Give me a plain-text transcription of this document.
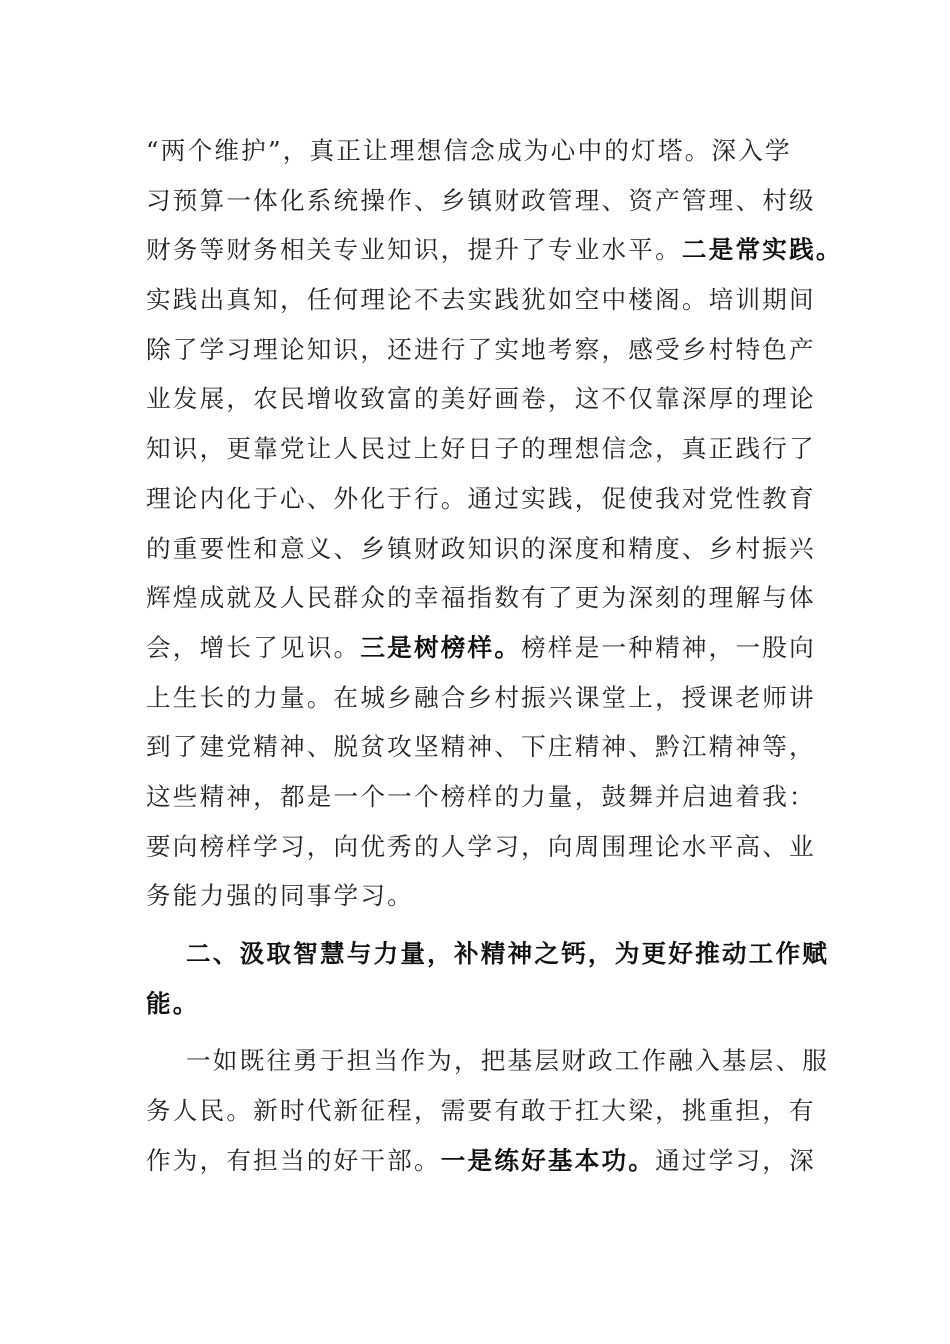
“两个维护”，真正让理想信念成为心中的灯塔。深入学
习预算一体化系统操作、乡镇财政管理、资产管理、村级
财务等财务相关专业知识，提升了专业水平。二是常实践。
实践出真知，任何理论不去实践犹如空中楼阁。培训期间
除了学习理论知识，还进行了实地考察，感受乡村特色产
业发展，农民增收致富的美好画卷，这不仅靠深厚的理论
知识，更靠党让人民过上好日子的理想信念，真正践行了
理论内化于心、外化于行。通过实践，促使我对党性教育
的重要性和意义、乡镇财政知识的深度和精度、乡村振兴
辉煌成就及人民群众的幸福指数有了更为深刻的理解与体
会，增长了见识。三是树榜样。榜样是一种精神，一股向
上生长的力量。在城乡融合乡村振兴课堂上，授课老师讲
到了建党精神、脱贫攻坚精神、下庄精神、黔江精神等，
这些精神，都是一个一个榜样的力量，鼓舞并启迪着我：
要向榜样学习，向优秀的人学习，向周围理论水平高、业
务能力强的同事学习。
二、汲取智慧与力量，补精神之钙，为更好推动工作赋
能。
一如既往勇于担当作为，把基层财政工作融入基层、服
务人民。新时代新征程，需要有敢于扛大梁，挑重担，有
作为，有担当的好干部。一是练好基本功。通过学习，深
